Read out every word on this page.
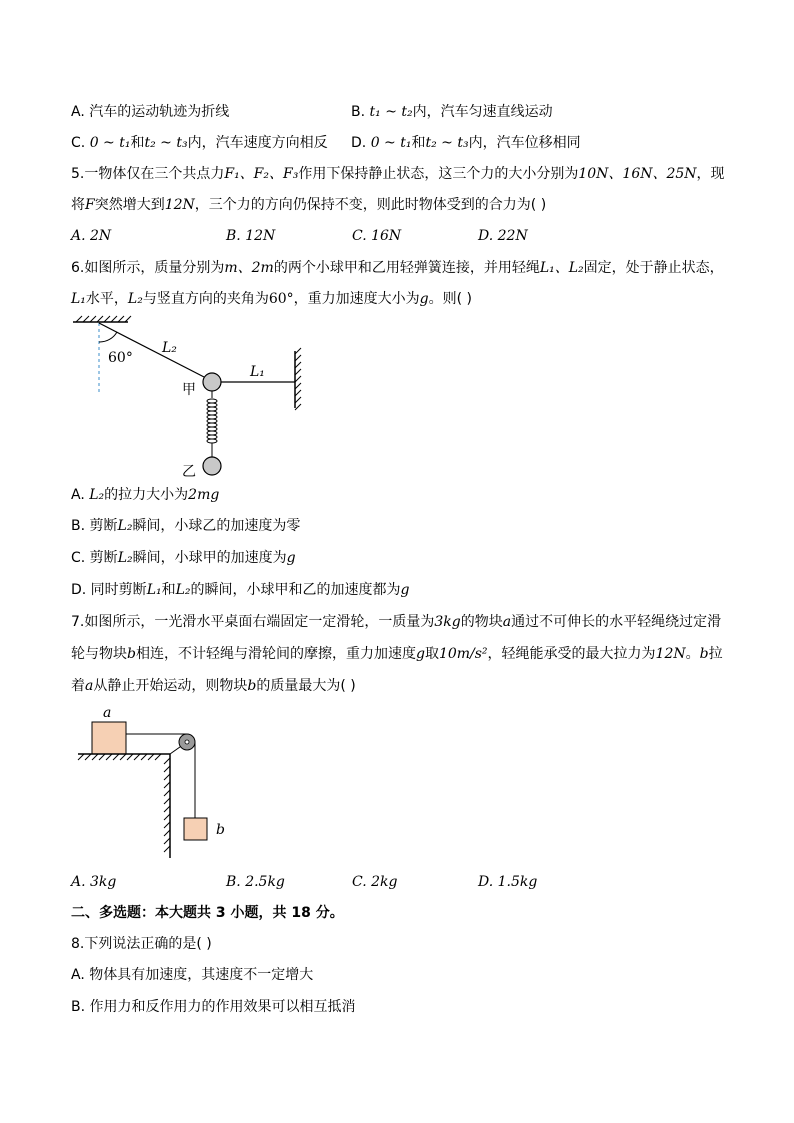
A. 汽车的运动轨迹为折线	B. t₁ ~ t₂内，汽车匀速直线运动
C. 0 ~ t₁和t₂ ~ t₃内，汽车速度方向相反 D. 0 ~ t₁和t₂ ~ t₃内，汽车位移相同
5.一物体仅在三个共点力F₁、F₂、F₃作用下保持静止状态，这三个力的大小分别为10N、16N、25N，现
将F突然增大到12N，三个力的方向仍保持不变，则此时物体受到的合力为( )
A. 2N	B. 12N	C. 16N	D. 22N
6.如图所示，质量分别为m、2m的两个小球甲和乙用轻弹簧连接，并用轻绳L₁、L₂固定，处于静止状态，
L₁水平，L₂与竖直方向的夹角为60°，重力加速度大小为g。则( )
60°
L₂
L₁
甲
乙
A. L₂的拉力大小为2mg
B. 剪断L₂瞬间，小球乙的加速度为零
C. 剪断L₂瞬间，小球甲的加速度为g
D. 同时剪断L₁和L₂的瞬间，小球甲和乙的加速度都为g
7.如图所示，一光滑水平桌面右端固定一定滑轮，一质量为3kg的物块a通过不可伸长的水平轻绳绕过定滑
轮与物块b相连，不计轻绳与滑轮间的摩擦，重力加速度g取10m/s²，轻绳能承受的最大拉力为12N。b拉
着a从静止开始运动，则物块b的质量最大为( )
a
b
A. 3kg	B. 2.5kg	C. 2kg	D. 1.5kg
二、多选题：本大题共 3 小题，共 18 分。
8.下列说法正确的是( )
A. 物体具有加速度，其速度不一定增大
B. 作用力和反作用力的作用效果可以相互抵消
